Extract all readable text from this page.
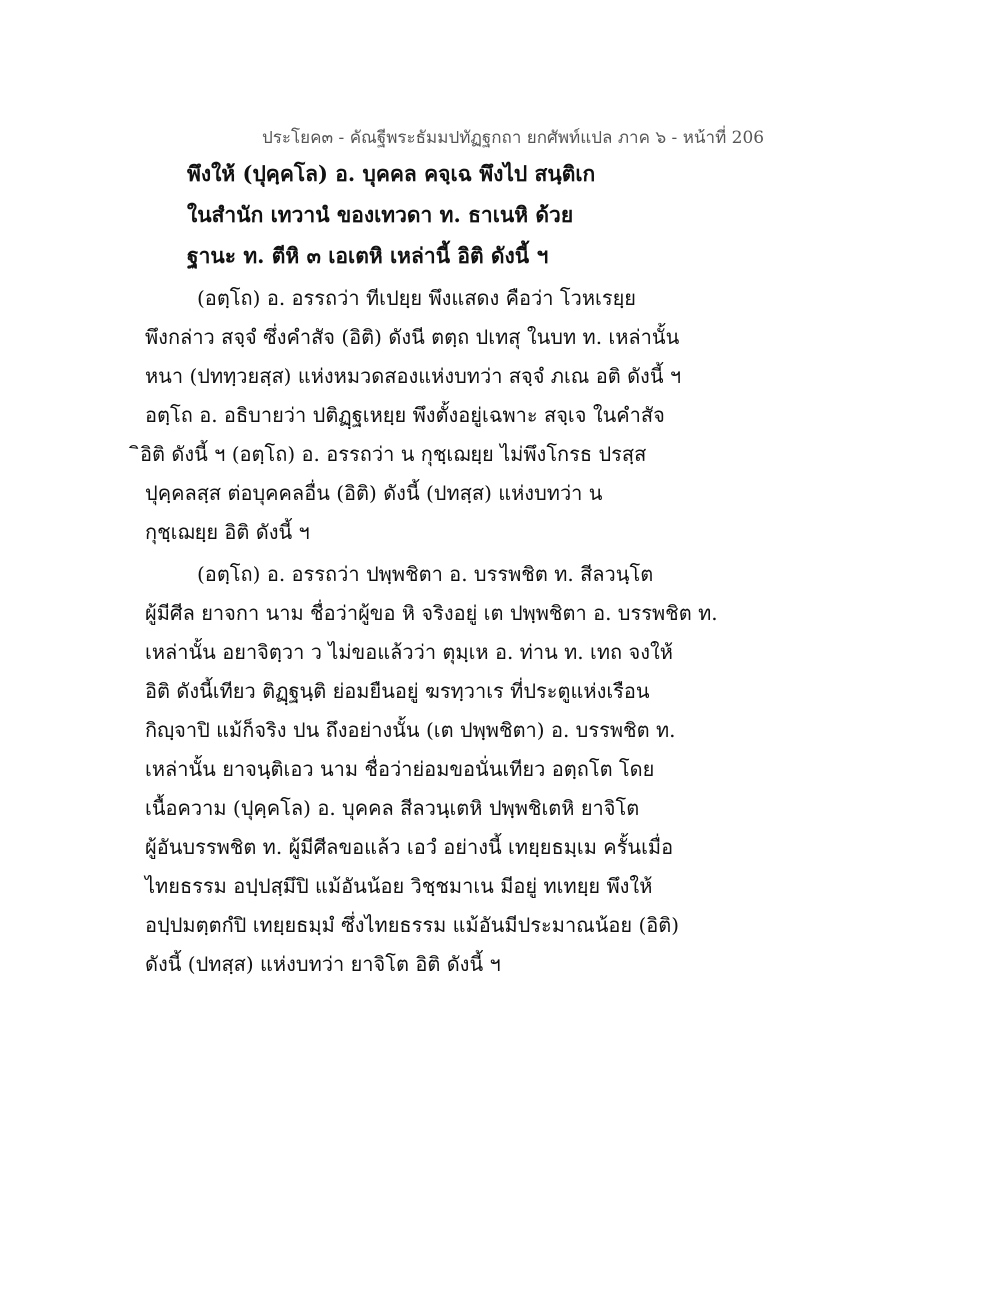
ประโยค๓ - คัณฐีพระธัมมปทัฏฐกถา ยกศัพท์แปล ภาค ๖ - หน้าที่ 206
พึงให้ (ปุคฺคโล) อ. บุคคล คจฺเฉ พึงไป สนฺติเก
ในสำนัก เทวานํ ของเทวดา ท. ธาเนหิ ด้วย
ฐานะ ท. ตีหิ ๓ เอเตหิ เหล่านี้ อิติ ดังนี้ ฯ
(อตฺโถ) อ. อรรถว่า ทีเปยฺย พึงแสดง คือว่า โวหเรยฺย
พึงกล่าว สจฺจํ ซึ่งคำสัจ (อิติ) ดังนี ตตฺถ ปเทสุ ในบท ท. เหล่านั้น
หนา (ปททฺวยสฺส) แห่งหมวดสองแห่งบทว่า สจฺจํ ภเณ อติ ดังนี้ ฯ
อตฺโถ อ. อธิบายว่า ปติฏฺฐเหยฺย พึงตั้งอยู่เฉพาะ สจฺเจ ในคำสัจ
ิอิติ ดังนี้ ฯ (อตฺโถ) อ. อรรถว่า น กุชฺเฌยฺย ไม่พึงโกรธ ปรสฺส
ปุคฺคลสฺส ต่อบุคคลอื่น (อิติ) ดังนี้ (ปทสฺส) แห่งบทว่า น
กุชฺเฌยฺย อิติ ดังนี้ ฯ
(อตฺโถ) อ. อรรถว่า ปพฺพชิตา อ. บรรพชิต ท. สีลวนฺโต
ผู้มีศีล ยาจกา นาม ชื่อว่าผู้ขอ หิ จริงอยู่ เต ปพฺพชิตา อ. บรรพชิต ท.
เหล่านั้น อยาจิตฺวา ว ไม่ขอแล้วว่า ตุมฺเห อ. ท่าน ท. เทถ จงให้
อิติ ดังนี้เทียว ติฏฺฐนฺติ ย่อมยืนอยู่ ฆรทฺวาเร ที่ประตูแห่งเรือน
กิญฺจาปิ แม้ก็จริง ปน ถึงอย่างนั้น (เต ปพฺพชิตา) อ. บรรพชิต ท.
เหล่านั้น ยาจนฺติเอว นาม ชื่อว่าย่อมขอนั่นเทียว อตฺถโต โดย
เนื้อความ (ปุคฺคโล) อ. บุคคล สีลวนฺเตหิ ปพฺพชิเตหิ ยาจิโต
ผู้อันบรรพชิต ท. ผู้มีศีลขอแล้ว เอวํ อย่างนี้ เทยฺยธมฺเม ครั้นเมื่อ
ไทยธรรม อปฺปสฺมึปิ แม้อันน้อย วิชฺชมาเน มีอยู่ ทเทยฺย พึงให้
อปฺปมตฺตกํปิ เทยฺยธมฺมํ ซึ่งไทยธรรม แม้อันมีประมาณน้อย (อิติ)
ดังนี้ (ปทสฺส) แห่งบทว่า ยาจิโต อิติ ดังนี้ ฯ
